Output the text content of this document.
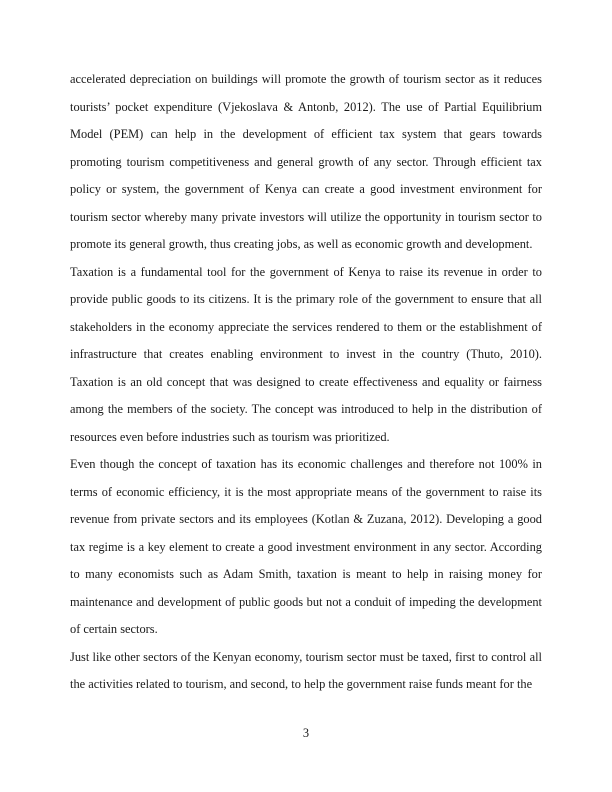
accelerated depreciation on buildings will promote the growth of tourism sector as it reduces tourists’ pocket expenditure (Vjekoslava & Antonb, 2012). The use of Partial Equilibrium Model (PEM) can help in the development of efficient tax system that gears towards promoting tourism competitiveness and general growth of any sector. Through efficient tax policy or system, the government of Kenya can create a good investment environment for tourism sector whereby many private investors will utilize the opportunity in tourism sector to promote its general growth, thus creating jobs, as well as economic growth and development.

Taxation is a fundamental tool for the government of Kenya to raise its revenue in order to provide public goods to its citizens. It is the primary role of the government to ensure that all stakeholders in the economy appreciate the services rendered to them or the establishment of infrastructure that creates enabling environment to invest in the country (Thuto, 2010). Taxation is an old concept that was designed to create effectiveness and equality or fairness among the members of the society. The concept was introduced to help in the distribution of resources even before industries such as tourism was prioritized.

Even though the concept of taxation has its economic challenges and therefore not 100% in terms of economic efficiency, it is the most appropriate means of the government to raise its revenue from private sectors and its employees (Kotlan & Zuzana, 2012). Developing a good tax regime is a key element to create a good investment environment in any sector. According to many economists such as Adam Smith, taxation is meant to help in raising money for maintenance and development of public goods but not a conduit of impeding the development of certain sectors.

Just like other sectors of the Kenyan economy, tourism sector must be taxed, first to control all the activities related to tourism, and second, to help the government raise funds meant for the

3
